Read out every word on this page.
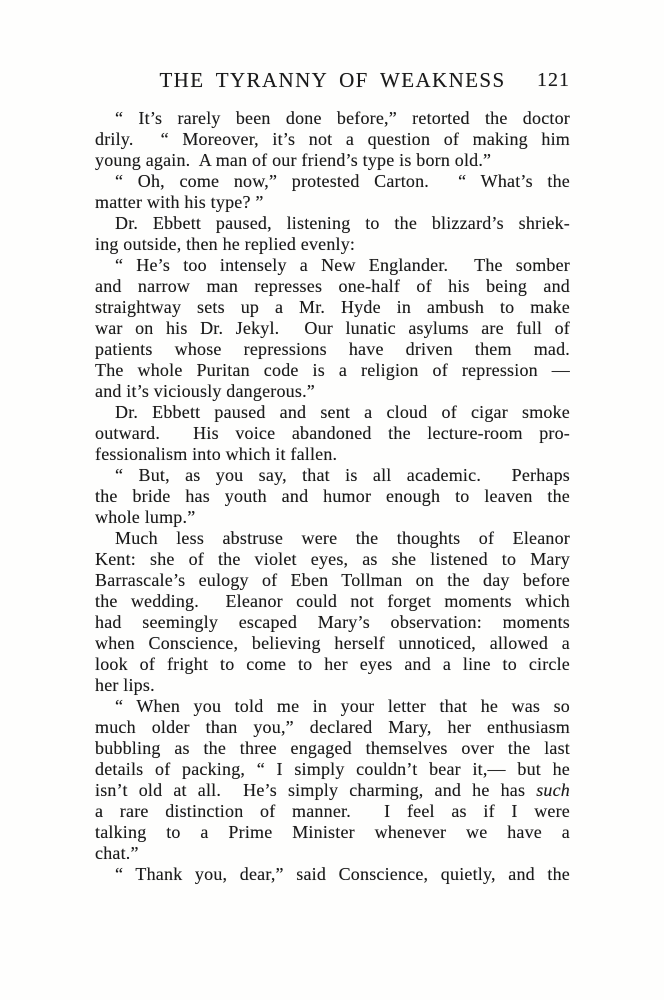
THE TYRANNY OF WEAKNESS	121
“ It’s rarely been done before,” retorted the doctor
drily.  “ Moreover, it’s not a question of making him
young again.  A man of our friend’s type is born old.”
“ Oh, come now,” protested Carton.  “ What’s the
matter with his type? ”
Dr. Ebbett paused, listening to the blizzard’s shriek-
ing outside, then he replied evenly:
“ He’s too intensely a New Englander.  The somber
and narrow man represses one-half of his being and
straightway sets up a Mr. Hyde in ambush to make
war on his Dr. Jekyl.  Our lunatic asylums are full of
patients whose repressions have driven them mad.
The whole Puritan code is a religion of repression —
and it’s viciously dangerous.”
Dr. Ebbett paused and sent a cloud of cigar smoke
outward.  His voice abandoned the lecture-room pro-
fessionalism into which it fallen.
“ But, as you say, that is all academic.  Perhaps
the bride has youth and humor enough to leaven the
whole lump.”
Much less abstruse were the thoughts of Eleanor
Kent: she of the violet eyes, as she listened to Mary
Barrascale’s eulogy of Eben Tollman on the day before
the wedding.  Eleanor could not forget moments which
had seemingly escaped Mary’s observation: moments
when Conscience, believing herself unnoticed, allowed a
look of fright to come to her eyes and a line to circle
her lips.
“ When you told me in your letter that he was so
much older than you,” declared Mary, her enthusiasm
bubbling as the three engaged themselves over the last
details of packing, “ I simply couldn’t bear it,— but he
isn’t old at all.  He’s simply charming, and he has such
a rare distinction of manner.  I feel as if I were
talking to a Prime Minister whenever we have a
chat.”
“ Thank you, dear,” said Conscience, quietly, and the
